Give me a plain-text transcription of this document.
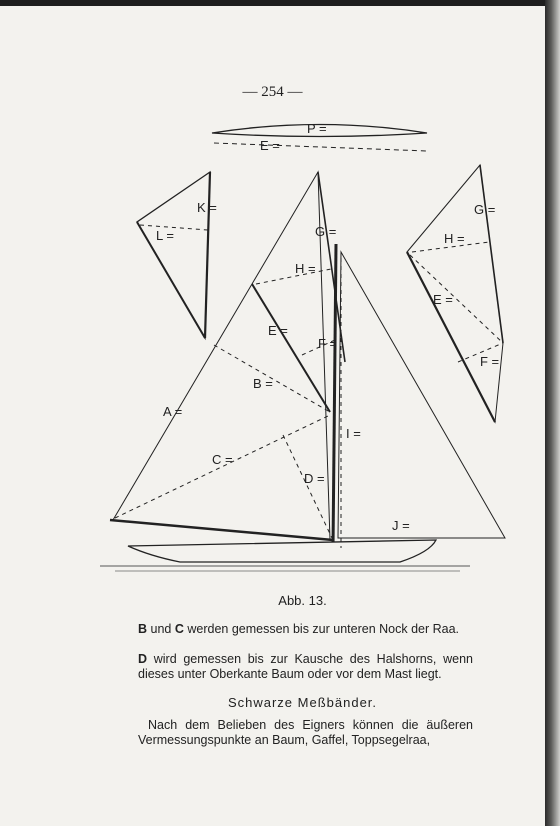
— 254 —
P =
E =
K =
L =	G =
H =
E =
F =
B =
A =
C =
D =
I =
J =
G =
H =
E =
F =
Abb. 13.

B und C werden gemessen bis zur unteren Nock der Raa.

D wird gemessen bis zur Kausche des Halshorns, wenn dieses unter Oberkante Baum oder vor dem Mast liegt.

Schwarze Meßbänder.

Nach dem Belieben des Eigners können die äußeren Vermessungspunkte an Baum, Gaffel, Toppsegelraa,
